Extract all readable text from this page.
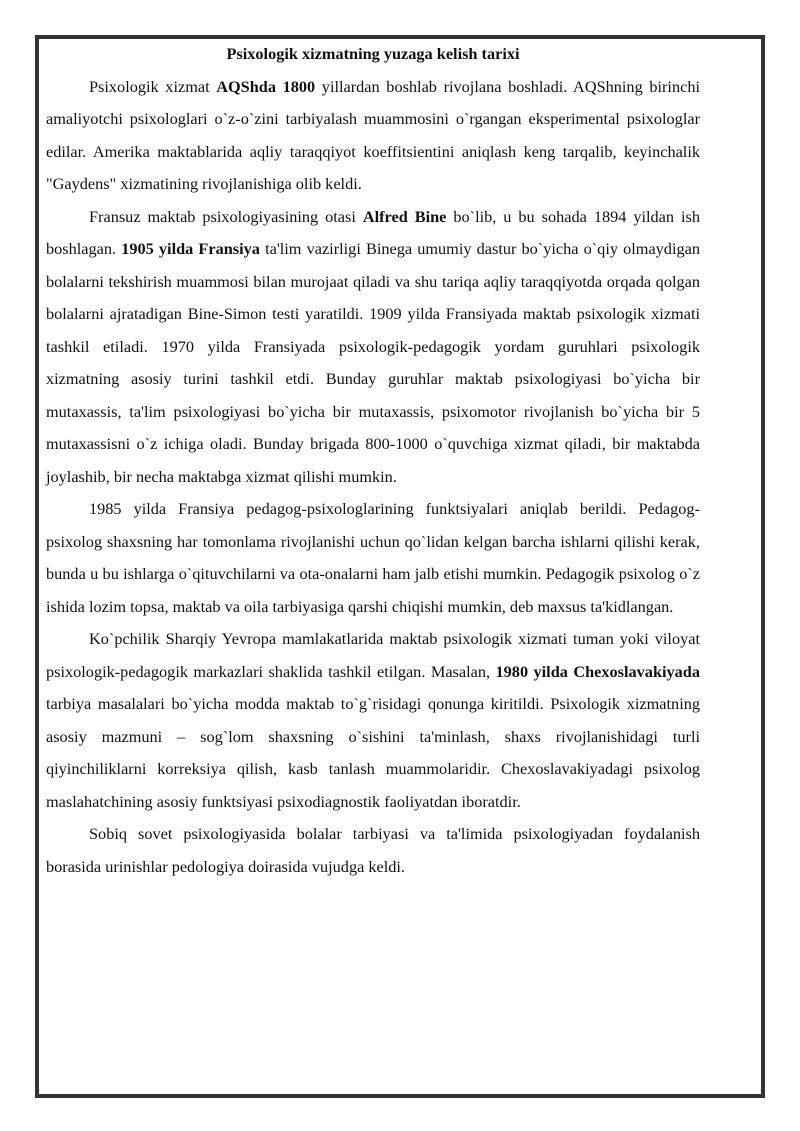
Psixologik xizmatning yuzaga kelish tarixi

Psixologik xizmat AQShda 1800 yillardan boshlab rivojlana boshladi. AQShning birinchi amaliyotchi psixologlari o`z-o`zini tarbiyalash muammosini o`rgangan eksperimental psixologlar edilar. Amerika maktablarida aqliy taraqqiyot koeffitsientini aniqlash keng tarqalib, keyinchalik "Gaydens" xizmatining rivojlanishiga olib keldi.

Fransuz maktab psixologiyasining otasi Alfred Bine bo`lib, u bu sohada 1894 yildan ish boshlagan. 1905 yilda Fransiya ta'lim vazirligi Binega umumiy dastur bo`yicha o`qiy olmaydigan bolalarni tekshirish muammosi bilan murojaat qiladi va shu tariqa aqliy taraqqiyotda orqada qolgan bolalarni ajratadigan Bine-Simon testi yaratildi. 1909 yilda Fransiyada maktab psixologik xizmati tashkil etiladi. 1970 yilda Fransiyada psixologik-pedagogik yordam guruhlari psixologik xizmatning asosiy turini tashkil etdi. Bunday guruhlar maktab psixologiyasi bo`yicha bir mutaxassis, ta'lim psixologiyasi bo`yicha bir mutaxassis, psixomotor rivojlanish bo`yicha bir 5 mutaxassisni o`z ichiga oladi. Bunday brigada 800-1000 o`quvchiga xizmat qiladi, bir maktabda joylashib, bir necha maktabga xizmat qilishi mumkin.

1985 yilda Fransiya pedagog-psixologlarining funktsiyalari aniqlab berildi. Pedagog-psixolog shaxsning har tomonlama rivojlanishi uchun qo`lidan kelgan barcha ishlarni qilishi kerak, bunda u bu ishlarga o`qituvchilarni va ota-onalarni ham jalb etishi mumkin. Pedagogik psixolog o`z ishida lozim topsa, maktab va oila tarbiyasiga qarshi chiqishi mumkin, deb maxsus ta'kidlangan.

Ko`pchilik Sharqiy Yevropa mamlakatlarida maktab psixologik xizmati tuman yoki viloyat psixologik-pedagogik markazlari shaklida tashkil etilgan. Masalan, 1980 yilda Chexoslavakiyada tarbiya masalalari bo`yicha modda maktab to`g`risidagi qonunga kiritildi. Psixologik xizmatning asosiy mazmuni – sog`lom shaxsning o`sishini ta'minlash, shaxs rivojlanishidagi turli qiyinchiliklarni korreksiya qilish, kasb tanlash muammolaridir. Chexoslavakiyadagi psixolog maslahatchining asosiy funktsiyasi psixodiagnostik faoliyatdan iboratdir.

Sobiq sovet psixologiyasida bolalar tarbiyasi va ta'limida psixologiyadan foydalanish borasida urinishlar pedologiya doirasida vujudga keldi.
